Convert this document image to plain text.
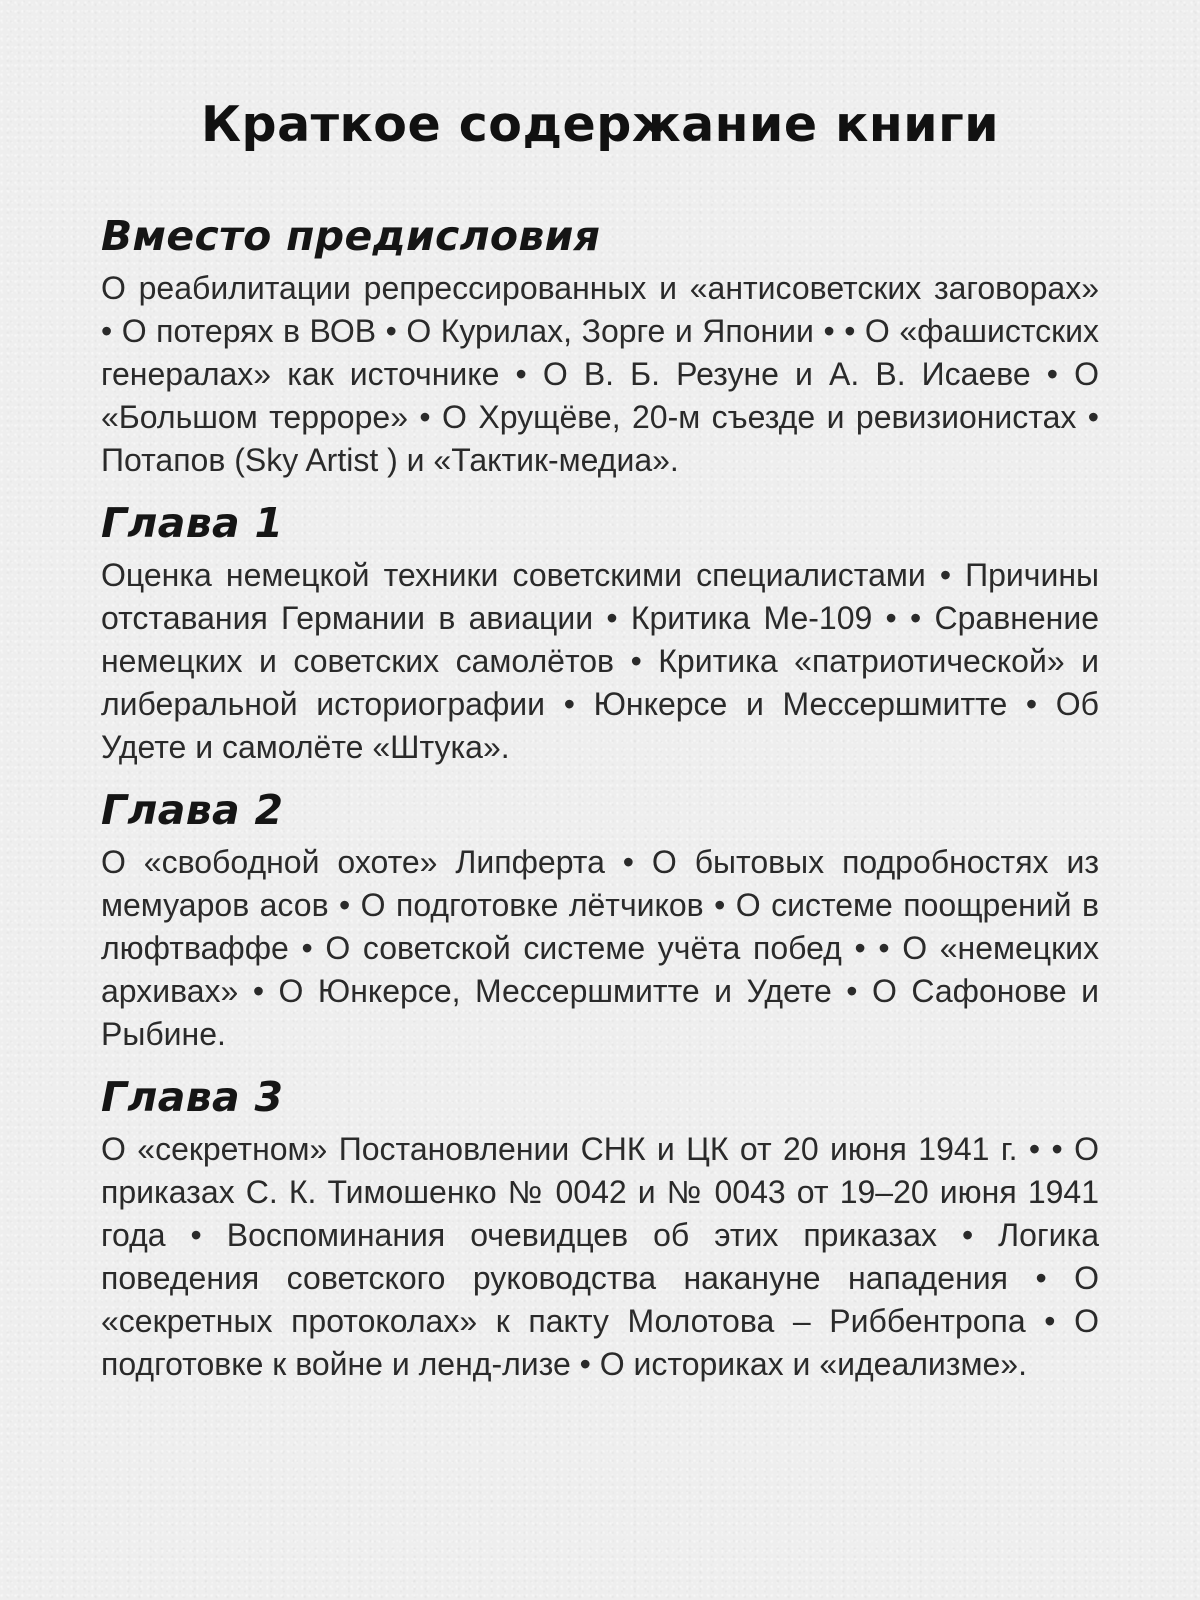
Краткое содержание книги
Вместо предисловия

О реабилитации репрессированных и «антисоветских заговорах» • О потерях в ВОВ • О Курилах, Зорге и Японии • • О «фашистских генералах» как источнике • О В. Б. Резуне и А. В. Исаеве • О «Большом терроре» • О Хрущёве, 20-м съезде и ревизионистах • Потапов (Sky Artist ) и «Тактик-медиа».

Глава 1

Оценка немецкой техники советскими специалистами • Причины отставания Германии в авиации • Критика Ме-109 • • Сравнение немецких и советских самолётов • Критика «патриотической» и либеральной историографии • Юнкерсе и Мессершмитте • Об Удете и самолёте «Штука».

Глава 2

О «свободной охоте» Липферта • О бытовых подробностях из мемуаров асов • О подготовке лётчиков • О системе поощрений в люфтваффе • О советской системе учёта побед • • О «немецких архивах» • О Юнкерсе, Мессершмитте и Удете • О Сафонове и Рыбине.

Глава 3

О «секретном» Постановлении СНК и ЦК от 20 июня 1941 г. • • О приказах С. К. Тимошенко № 0042 и № 0043 от 19–20 июня 1941 года • Воспоминания очевидцев об этих приказах • Логика поведения советского руководства накануне нападения • О «секретных протоколах» к пакту Молотова – Риббентропа • О подготовке к войне и ленд-лизе • О историках и «идеализме».
